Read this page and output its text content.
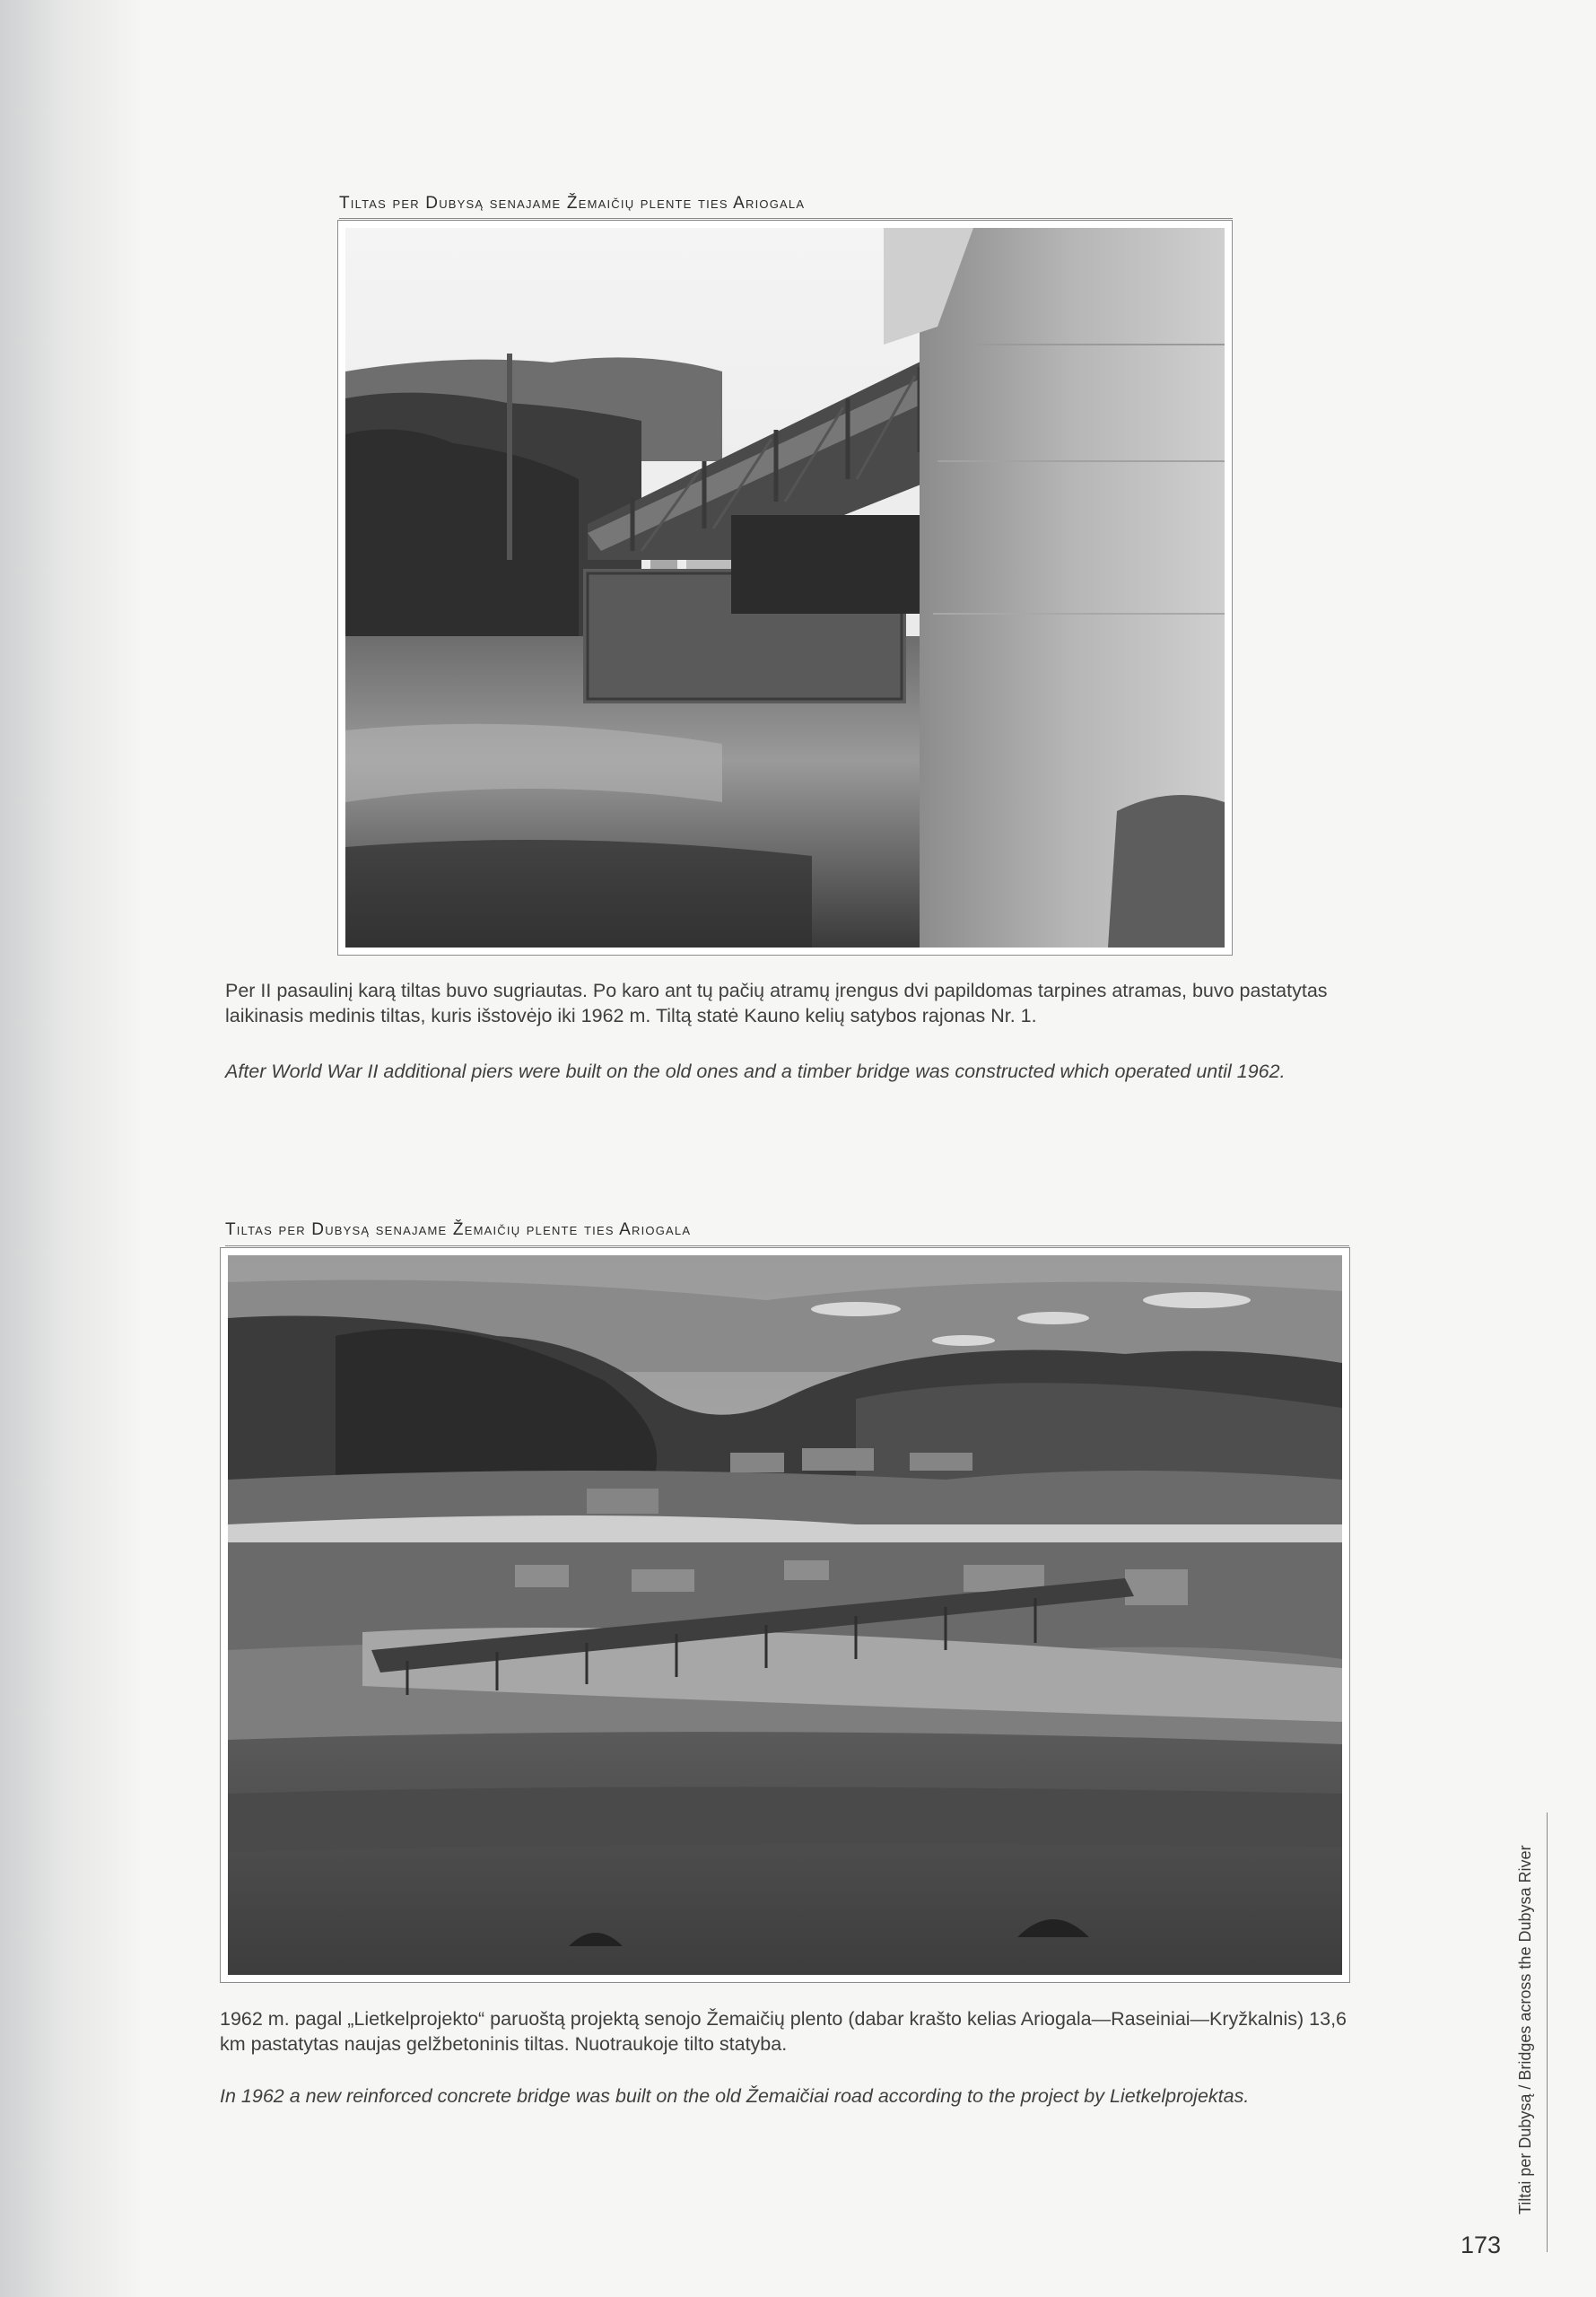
Tiltas per Dubysą senajame Žemaičių plente ties Ariogala
Per II pasaulinį karą tiltas buvo sugriautas. Po karo ant tų pačių atramų įrengus dvi papildomas tarpines atramas, buvo pastatytas laikinasis medinis tiltas, kuris išstovėjo iki 1962 m. Tiltą statė Kauno kelių satybos rajonas Nr. 1.
After World War II additional piers were built on the old ones and a timber bridge was constructed which operated until 1962.
Tiltas per Dubysą senajame Žemaičių plente ties Ariogala
1962 m. pagal „Lietkelprojekto“ paruoštą projektą senojo Žemaičių plento (dabar krašto kelias Ariogala—Raseiniai—Kryžkalnis) 13,6 km pastatytas naujas gelžbetoninis tiltas. Nuotraukoje tilto statyba.
In 1962 a new reinforced concrete bridge was built on the old Žemaičiai road according to the project by Lietkelprojektas.	Tiltai per Dubysą / Bridges across the Dubysa River
173
